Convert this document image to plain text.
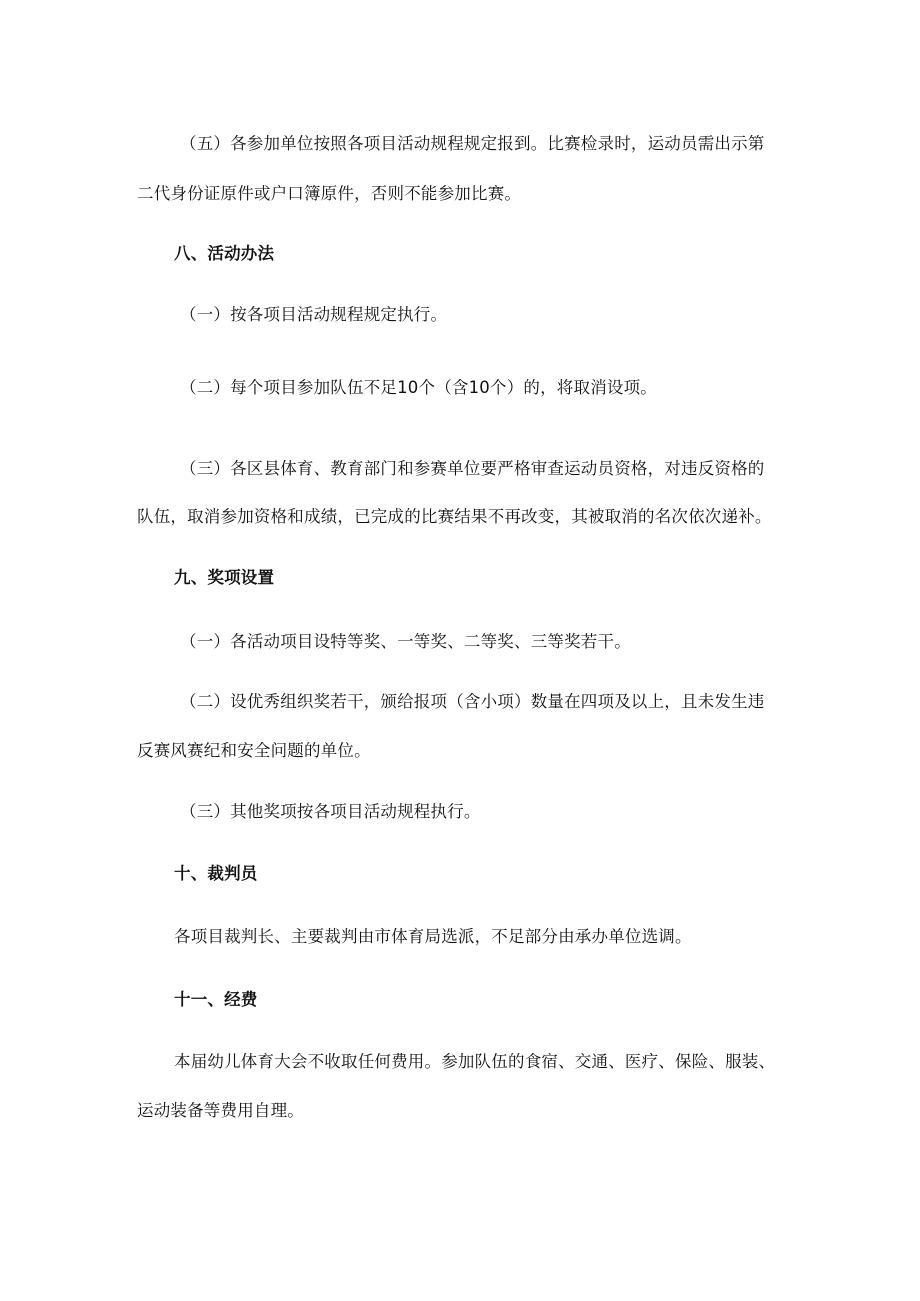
（五）各参加单位按照各项目活动规程规定报到。比赛检录时，运动员需出示第
二代身份证原件或户口簿原件，否则不能参加比赛。
八、活动办法
（一）按各项目活动规程规定执行。
（二）每个项目参加队伍不足10个（含10个）的，将取消设项。
（三）各区县体育、教育部门和参赛单位要严格审查运动员资格，对违反资格的
队伍，取消参加资格和成绩，已完成的比赛结果不再改变，其被取消的名次依次递补。
九、奖项设置
（一）各活动项目设特等奖、一等奖、二等奖、三等奖若干。
（二）设优秀组织奖若干，颁给报项（含小项）数量在四项及以上，且未发生违
反赛风赛纪和安全问题的单位。
（三）其他奖项按各项目活动规程执行。
十、裁判员
各项目裁判长、主要裁判由市体育局选派，不足部分由承办单位选调。
十一、经费
本届幼儿体育大会不收取任何费用。参加队伍的食宿、交通、医疗、保险、服装、
运动装备等费用自理。
